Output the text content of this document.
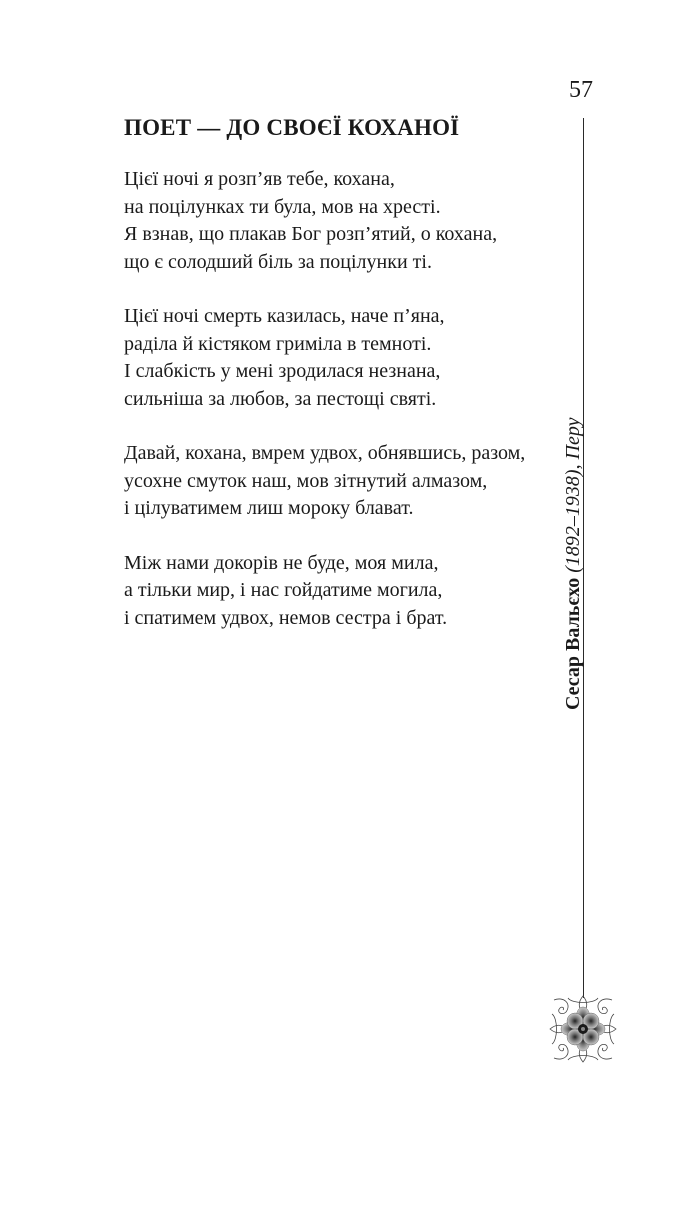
57
Сесар Вальєхо (1892–1938), Перу
ПОЕТ — ДО СВОЄЇ КОХАНОЇ
Цієї ночі я розп’яв тебе, кохана,
на поцілунках ти була, мов на хресті.
Я взнав, що плакав Бог розп’ятий, о кохана,
що є солодший біль за поцілунки ті.
Цієї ночі смерть казилась, наче п’яна,
раділа й кістяком гриміла в темноті.
І слабкість у мені зродилася незнана,
сильніша за любов, за пестощі святі.
Давай, кохана, вмрем удвох, обнявшись, разом,
усохне смуток наш, мов зітнутий алмазом,
і цілуватимем лиш мороку блават.
Між нами докорів не буде, моя мила,
а тільки мир, і нас гойдатиме могила,
і спатимем удвох, немов сестра і брат.
